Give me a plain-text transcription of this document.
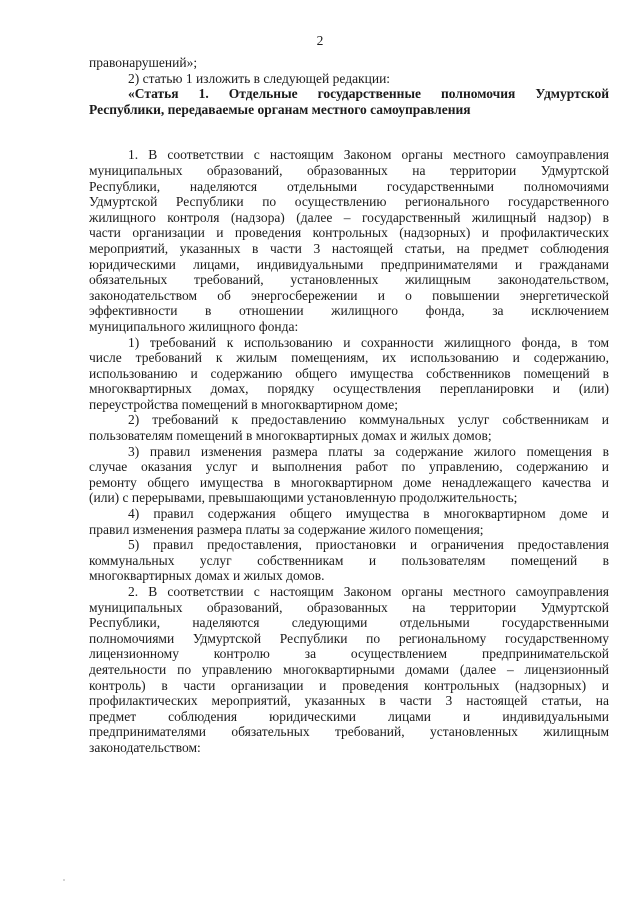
2
правонарушений»;
2) статью 1 изложить в следующей редакции:
«Статья 1. Отдельные государственные полномочия Удмуртской
Республики, передаваемые органам местного самоуправления
1. В соответствии с настоящим Законом органы местного самоуправления
муниципальных образований, образованных на территории Удмуртской
Республики, наделяются отдельными государственными полномочиями
Удмуртской Республики по осуществлению регионального государственного
жилищного контроля (надзора) (далее – государственный жилищный надзор) в
части организации и проведения контрольных (надзорных) и профилактических
мероприятий, указанных в части 3 настоящей статьи, на предмет соблюдения
юридическими лицами, индивидуальными предпринимателями и гражданами
обязательных требований, установленных жилищным законодательством,
законодательством об энергосбережении и о повышении энергетической
эффективности в отношении жилищного фонда, за исключением
муниципального жилищного фонда:
1) требований к использованию и сохранности жилищного фонда, в том
числе требований к жилым помещениям, их использованию и содержанию,
использованию и содержанию общего имущества собственников помещений в
многоквартирных домах, порядку осуществления перепланировки и (или)
переустройства помещений в многоквартирном доме;
2) требований к предоставлению коммунальных услуг собственникам и
пользователям помещений в многоквартирных домах и жилых домов;
3) правил изменения размера платы за содержание жилого помещения в
случае оказания услуг и выполнения работ по управлению, содержанию и
ремонту общего имущества в многоквартирном доме ненадлежащего качества и
(или) с перерывами, превышающими установленную продолжительность;
4) правил содержания общего имущества в многоквартирном доме и
правил изменения размера платы за содержание жилого помещения;
5) правил предоставления, приостановки и ограничения предоставления
коммунальных услуг собственникам и пользователям помещений в
многоквартирных домах и жилых домов.
2. В соответствии с настоящим Законом органы местного самоуправления
муниципальных образований, образованных на территории Удмуртской
Республики, наделяются следующими отдельными государственными
полномочиями Удмуртской Республики по региональному государственному
лицензионному контролю за осуществлением предпринимательской
деятельности по управлению многоквартирными домами (далее – лицензионный
контроль) в части организации и проведения контрольных (надзорных) и
профилактических мероприятий, указанных в части 3 настоящей статьи, на
предмет соблюдения юридическими лицами и индивидуальными
предпринимателями обязательных требований, установленных жилищным
законодательством:
